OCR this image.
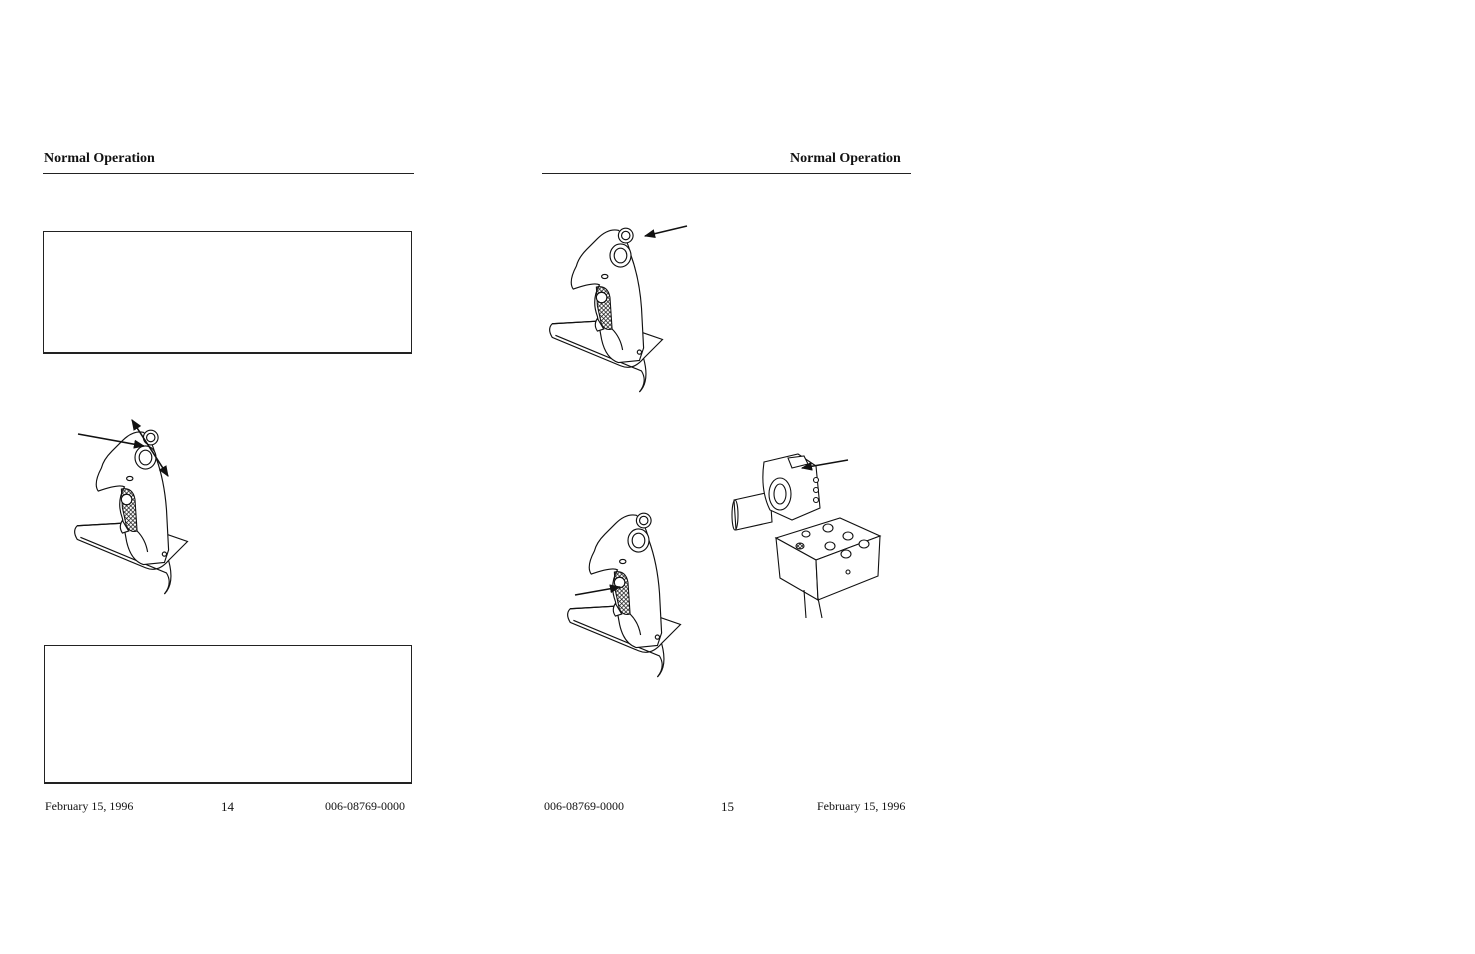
Normal Operation
February 15, 1996	14	006-08769-0000
Normal Operation
006-08769-0000	15	February 15, 1996
